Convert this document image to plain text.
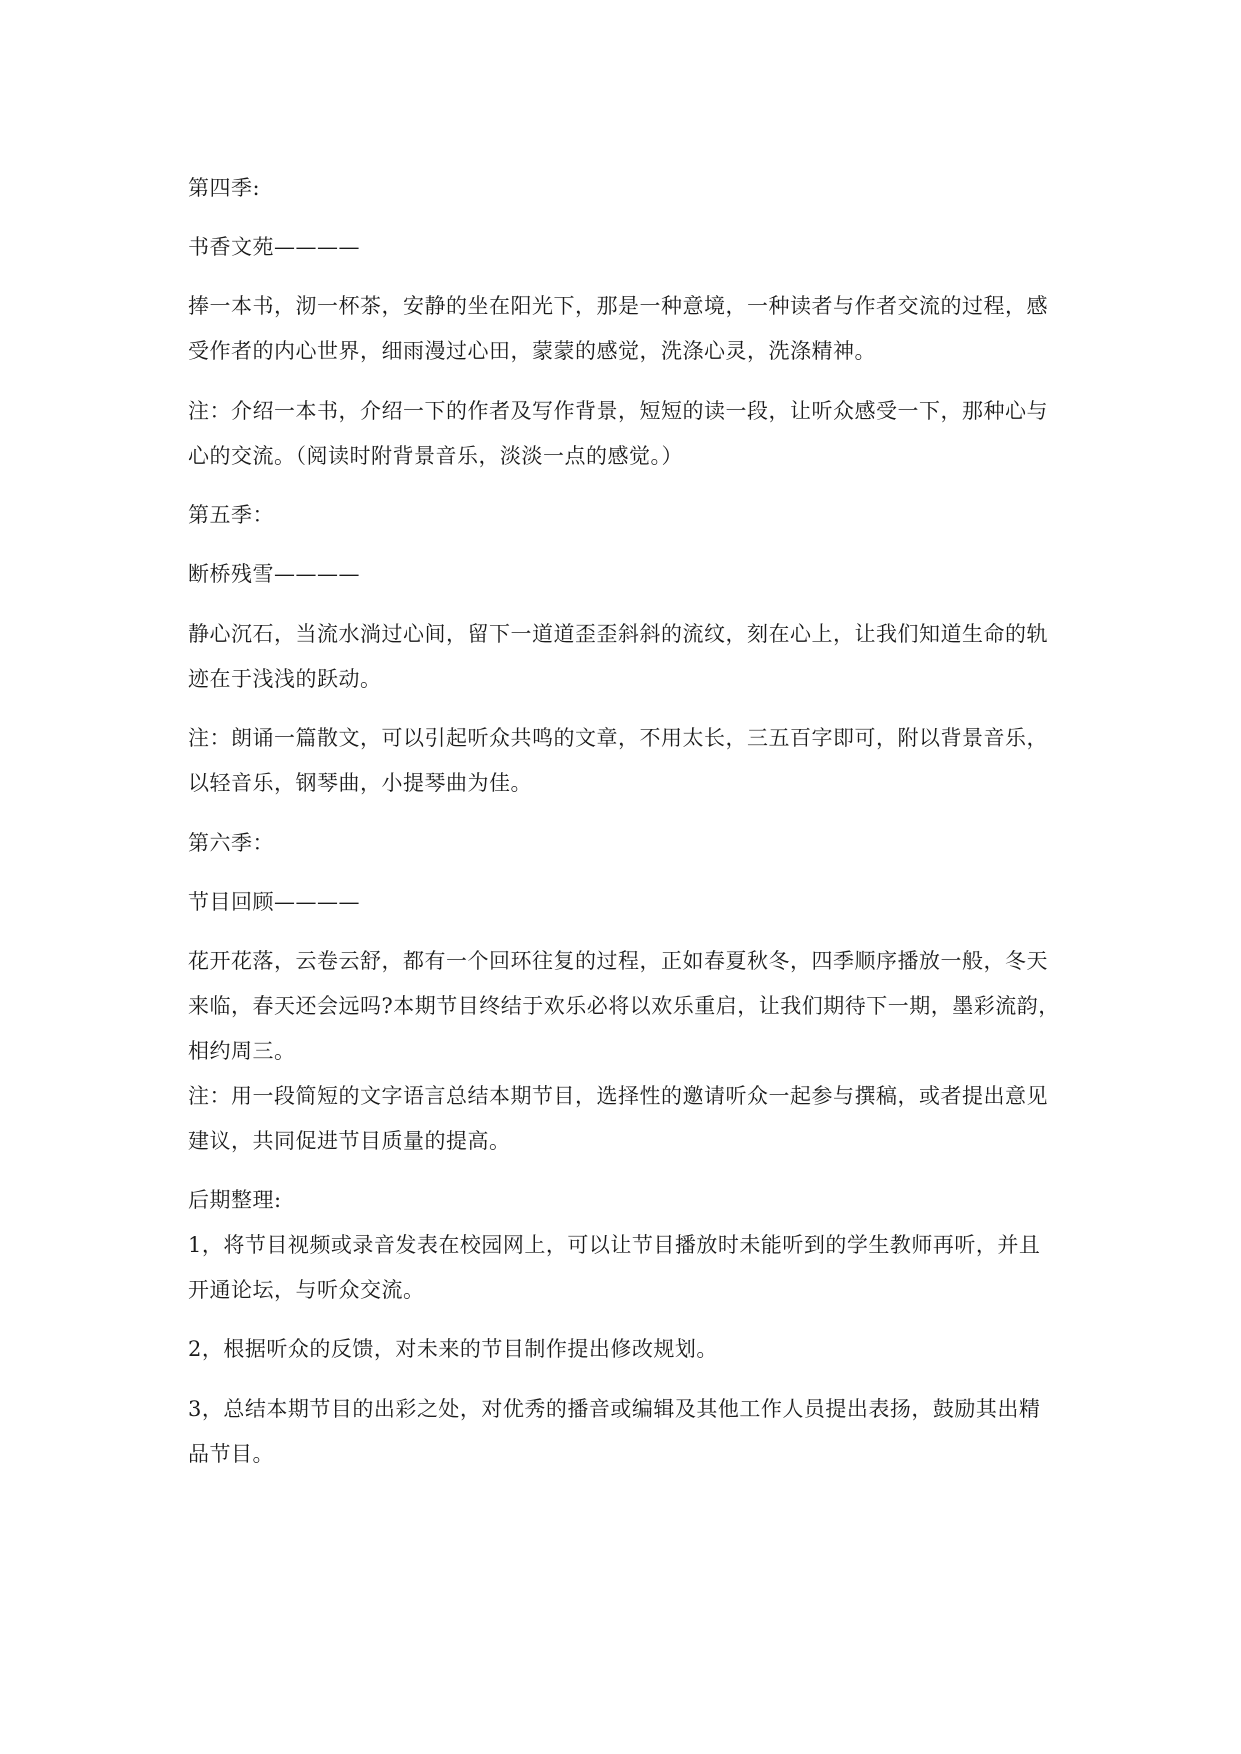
第四季:
书香文苑————
捧一本书，沏一杯茶，安静的坐在阳光下，那是一种意境，一种读者与作者交流的过程，感
受作者的内心世界，细雨漫过心田，蒙蒙的感觉，洗涤心灵，洗涤精神。
注：介绍一本书，介绍一下的作者及写作背景，短短的读一段，让听众感受一下，那种心与
心的交流。（阅读时附背景音乐，淡淡一点的感觉。）
第五季：
断桥残雪————
静心沉石，当流水淌过心间，留下一道道歪歪斜斜的流纹，刻在心上，让我们知道生命的轨
迹在于浅浅的跃动。
注：朗诵一篇散文，可以引起听众共鸣的文章，不用太长，三五百字即可，附以背景音乐，
以轻音乐，钢琴曲，小提琴曲为佳。
第六季：
节目回顾————
花开花落，云卷云舒，都有一个回环往复的过程，正如春夏秋冬，四季顺序播放一般，冬天
来临，春天还会远吗?本期节目终结于欢乐必将以欢乐重启，让我们期待下一期，墨彩流韵，
相约周三。
注：用一段简短的文字语言总结本期节目，选择性的邀请听众一起参与撰稿，或者提出意见
建议，共同促进节目质量的提高。
后期整理:
1，将节目视频或录音发表在校园网上，可以让节目播放时未能听到的学生教师再听，并且
开通论坛，与听众交流。
2，根据听众的反馈，对未来的节目制作提出修改规划。
3，总结本期节目的出彩之处，对优秀的播音或编辑及其他工作人员提出表扬，鼓励其出精
品节目。
